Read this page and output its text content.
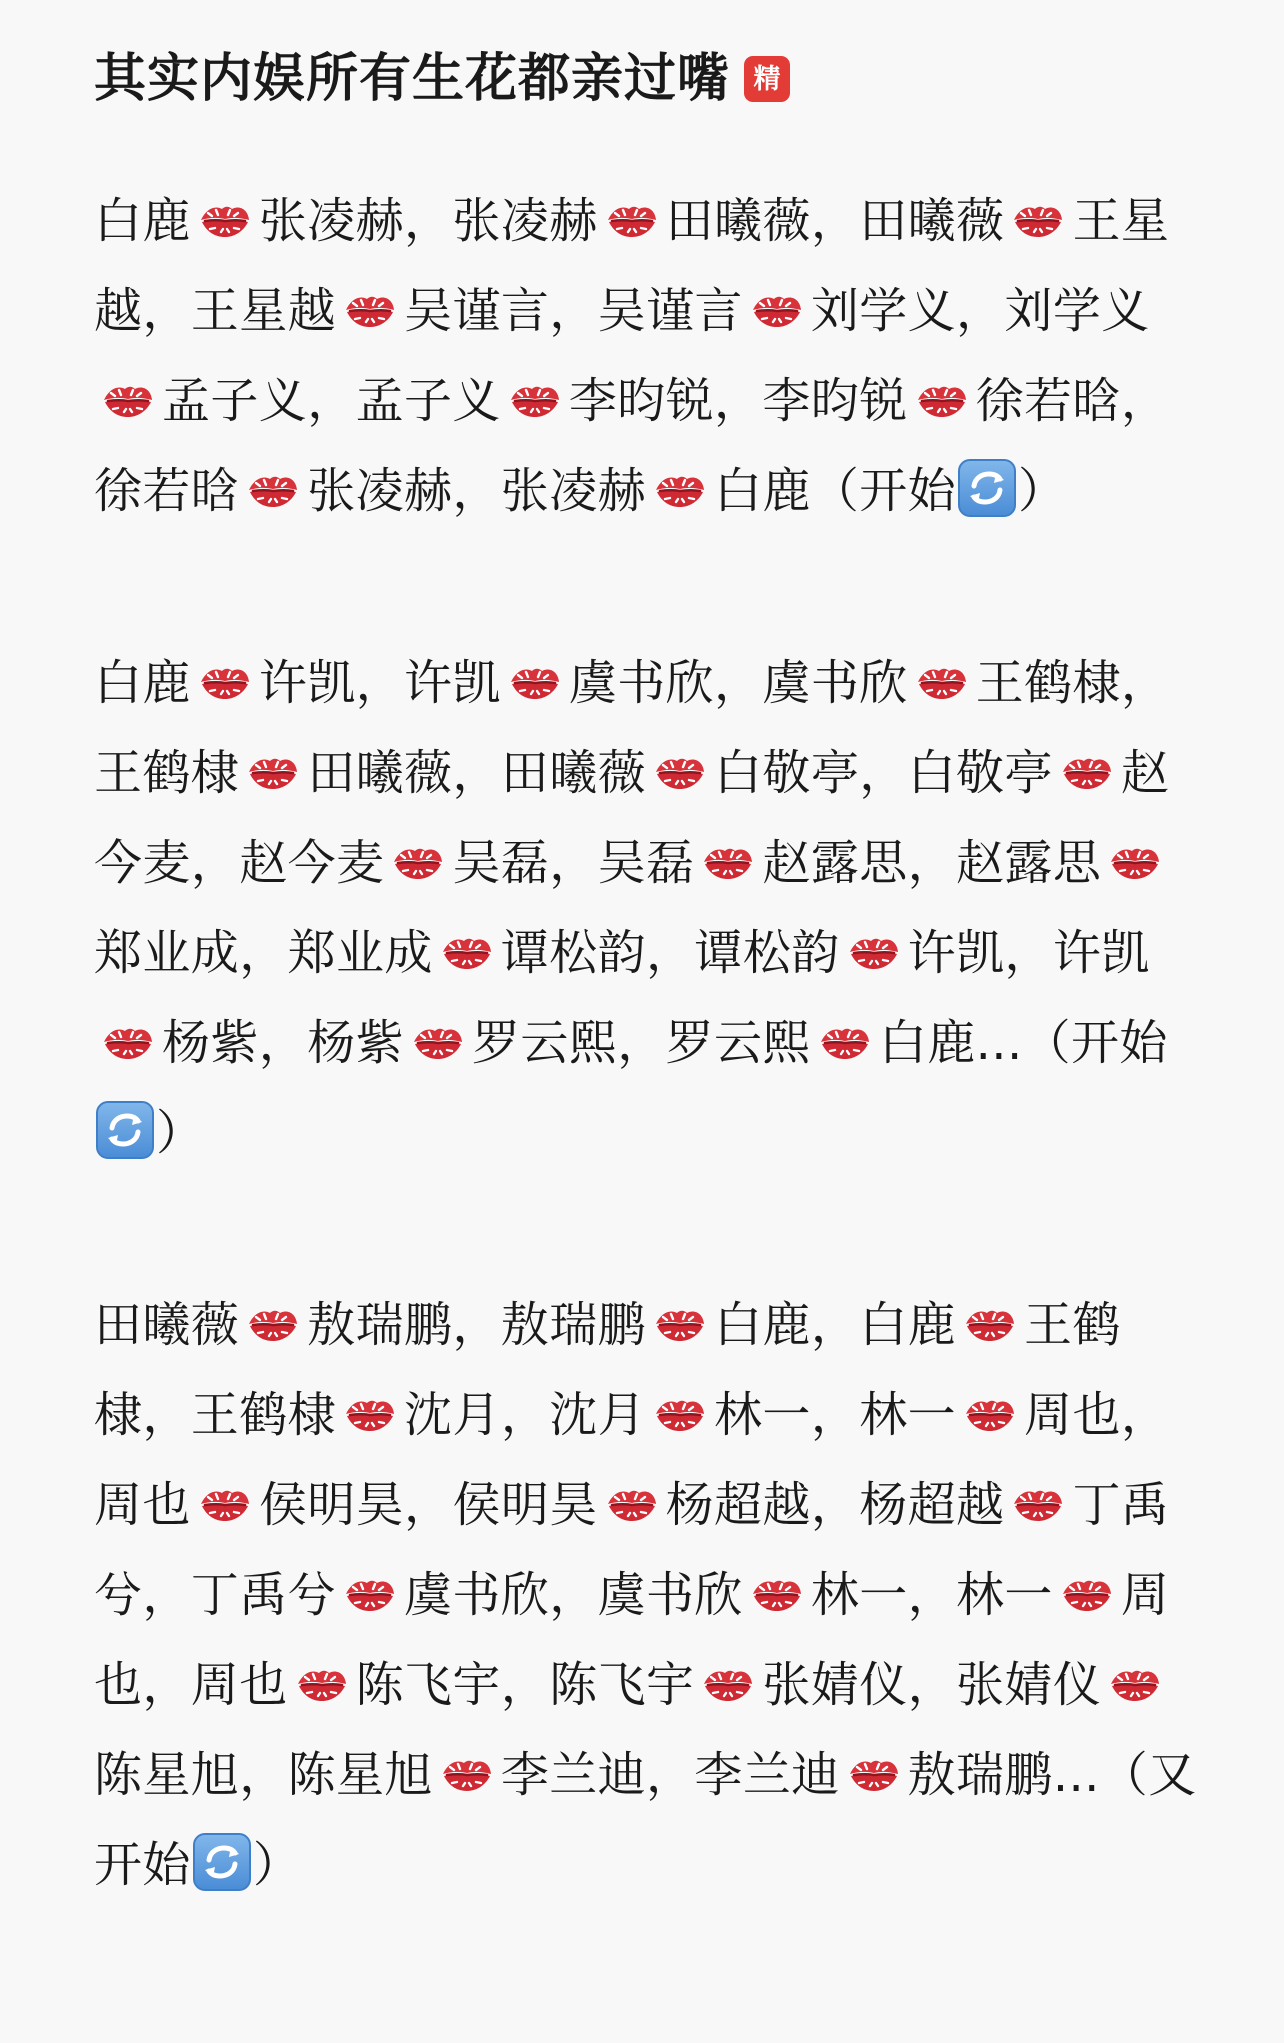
其实内娱所有生花都亲过嘴 精

白鹿 张凌赫，张凌赫 田曦薇，田曦薇 王星越，王星越 吴谨言，吴谨言 刘学义，刘学义
孟子义，孟子义 李昀锐，李昀锐 徐若晗，徐若晗 张凌赫，张凌赫 白鹿（开始 ）

白鹿 许凯，许凯 虞书欣，虞书欣 王鹤棣，王鹤棣 田曦薇，田曦薇 白敬亭，白敬亭 赵今麦，赵今麦 吴磊，吴磊 赵露思，赵露思
郑业成，郑业成 谭松韵，谭松韵 许凯，许凯
杨紫，杨紫 罗云熙，罗云熙 白鹿...（开始
）

田曦薇 敖瑞鹏，敖瑞鹏 白鹿，白鹿 王鹤棣，王鹤棣 沈月，沈月 林一，林一 周也，周也 侯明昊，侯明昊 杨超越，杨超越 丁禹兮，丁禹兮 虞书欣，虞书欣 林一，林一 周也，周也 陈飞宇，陈飞宇 张婧仪，张婧仪
陈星旭，陈星旭 李兰迪，李兰迪 敖瑞鹏...（又开始 ）
